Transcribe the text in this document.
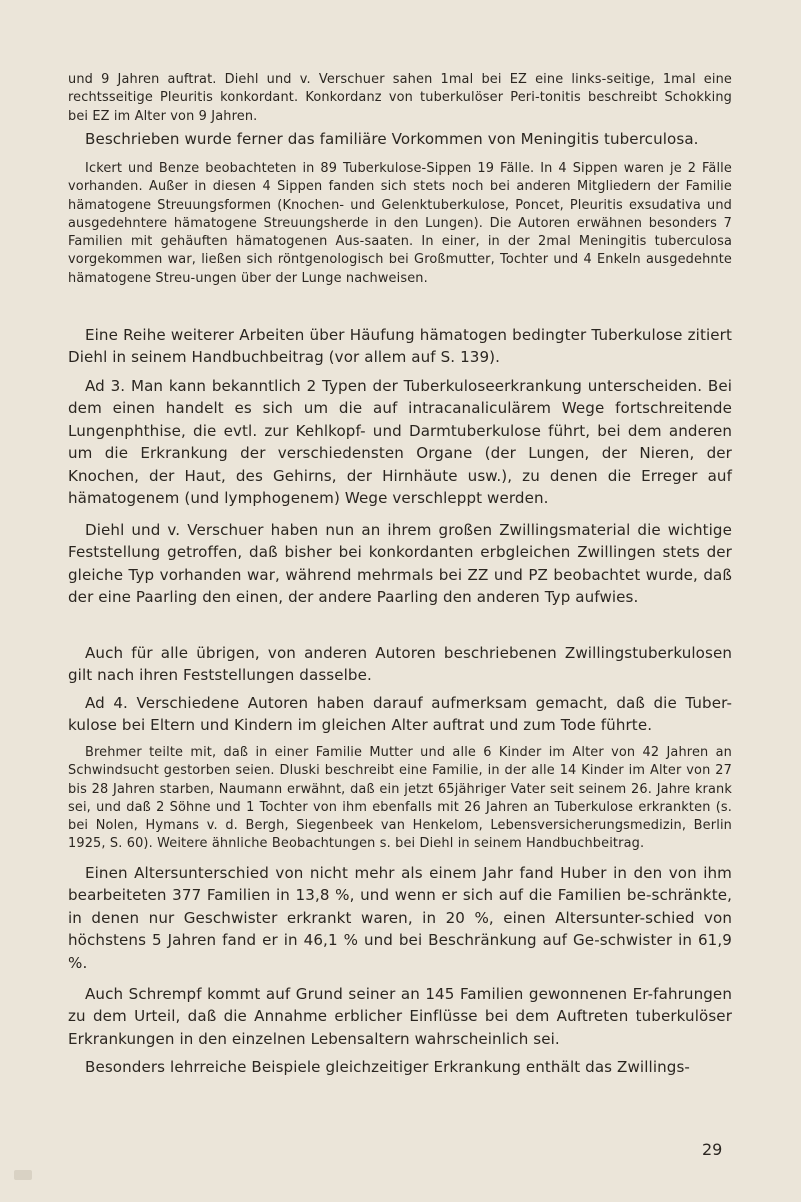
und 9 Jahren auftrat. Diehl und v. Verschuer sahen 1mal bei EZ eine links-seitige, 1mal eine rechtsseitige Pleuritis konkordant. Konkordanz von tuberkulöser Peri-tonitis beschreibt Schokking bei EZ im Alter von 9 Jahren.

Beschrieben wurde ferner das familiäre Vorkommen von Meningitis tuberculosa.

Ickert und Benze beobachteten in 89 Tuberkulose-Sippen 19 Fälle. In 4 Sippen waren je 2 Fälle vorhanden. Außer in diesen 4 Sippen fanden sich stets noch bei anderen Mitgliedern der Familie hämatogene Streuungsformen (Knochen- und Gelenktuberkulose, Poncet, Pleuritis exsudativa und ausgedehntere hämatogene Streuungsherde in den Lungen). Die Autoren erwähnen besonders 7 Familien mit gehäuften hämatogenen Aus-saaten. In einer, in der 2mal Meningitis tuberculosa vorgekommen war, ließen sich röntgenologisch bei Großmutter, Tochter und 4 Enkeln ausgedehnte hämatogene Streu-ungen über der Lunge nachweisen.

Eine Reihe weiterer Arbeiten über Häufung hämatogen bedingter Tuberkulose zitiert Diehl in seinem Handbuchbeitrag (vor allem auf S. 139).

Ad 3. Man kann bekanntlich 2 Typen der Tuberkuloseerkrankung unterscheiden. Bei dem einen handelt es sich um die auf intracanaliculärem Wege fortschreitende Lungenphthise, die evtl. zur Kehlkopf- und Darmtuberkulose führt, bei dem anderen um die Erkrankung der verschiedensten Organe (der Lungen, der Nieren, der Knochen, der Haut, des Gehirns, der Hirnhäute usw.), zu denen die Erreger auf hämatogenem (und lymphogenem) Wege verschleppt werden.

Diehl und v. Verschuer haben nun an ihrem großen Zwillingsmaterial die wichtige Feststellung getroffen, daß bisher bei konkordanten erbgleichen Zwillingen stets der gleiche Typ vorhanden war, während mehrmals bei ZZ und PZ beobachtet wurde, daß der eine Paarling den einen, der andere Paarling den anderen Typ aufwies.

Auch für alle übrigen, von anderen Autoren beschriebenen Zwillingstuberkulosen gilt nach ihren Feststellungen dasselbe.

Ad 4. Verschiedene Autoren haben darauf aufmerksam gemacht, daß die Tuber-kulose bei Eltern und Kindern im gleichen Alter auftrat und zum Tode führte.

Brehmer teilte mit, daß in einer Familie Mutter und alle 6 Kinder im Alter von 42 Jahren an Schwindsucht gestorben seien. Dluski beschreibt eine Familie, in der alle 14 Kinder im Alter von 27 bis 28 Jahren starben, Naumann erwähnt, daß ein jetzt 65jähriger Vater seit seinem 26. Jahre krank sei, und daß 2 Söhne und 1 Tochter von ihm ebenfalls mit 26 Jahren an Tuberkulose erkrankten (s. bei Nolen, Hymans v. d. Bergh, Siegenbeek van Henkelom, Lebensversicherungsmedizin, Berlin 1925, S. 60). Weitere ähnliche Beobachtungen s. bei Diehl in seinem Handbuchbeitrag.

Einen Altersunterschied von nicht mehr als einem Jahr fand Huber in den von ihm bearbeiteten 377 Familien in 13,8 %, und wenn er sich auf die Familien be-schränkte, in denen nur Geschwister erkrankt waren, in 20 %, einen Altersunter-schied von höchstens 5 Jahren fand er in 46,1 % und bei Beschränkung auf Ge-schwister in 61,9 %.

Auch Schrempf kommt auf Grund seiner an 145 Familien gewonnenen Er-fahrungen zu dem Urteil, daß die Annahme erblicher Einflüsse bei dem Auftreten tuberkulöser Erkrankungen in den einzelnen Lebensaltern wahrscheinlich sei.

Besonders lehrreiche Beispiele gleichzeitiger Erkrankung enthält das Zwillings-

29
